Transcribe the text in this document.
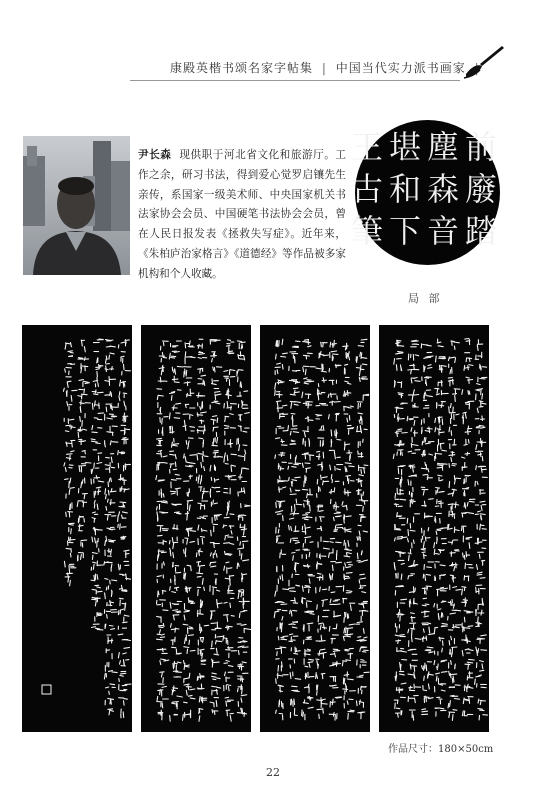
康殿英楷书颂名家字帖集 | 中国当代实力派书画家
尹长森 现供职于河北省文化和旅游厅。工作之余，研习书法，得到爱心觉罗启镶先生亲传，系国家一级美术师、中央国家机关书法家协会会员、中国硬笔书法协会会员，曾在人民日报发表《拯救失写症》。近年来，《朱柏庐治家格言》《道德经》等作品被多家机构和个人收藏。
前
廢
踏
塵
森
音
堪
和
下
王
古
筆
局 部
作品尺寸：180×50cm
22
